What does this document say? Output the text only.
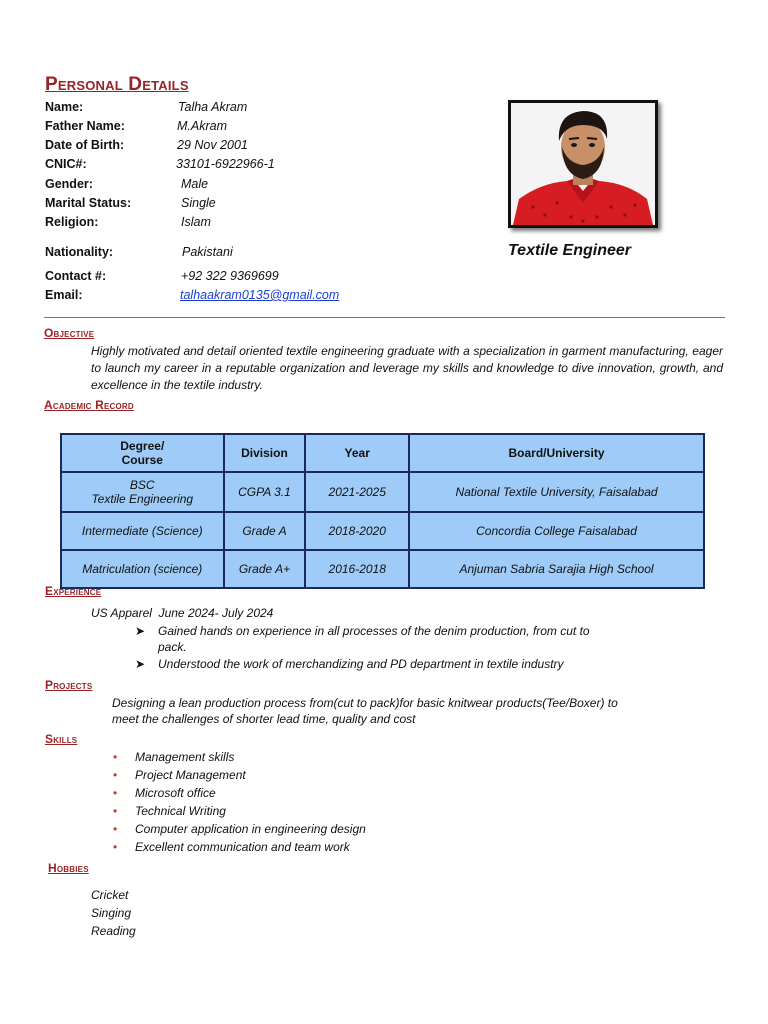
Personal Details
Name:	Talha Akram
Father Name:	M.Akram
Date of Birth:	29 Nov 2001
CNIC#:	33101-6922966-1
Gender:	Male
Marital Status:	Single
Religion:	Islam
Nationality:	Pakistani
Contact #:	+92 322 9369699
Email:	talhaakram0135@gmail.com
Textile Engineer
Objective
Highly motivated and detail oriented textile engineering graduate with a specialization in garment manufacturing, eager to launch my career in a reputable organization and leverage my skills and knowledge to dive innovation, growth, and excellence in the textile industry.
Academic Record
Degree/
Course	Division	Year	Board/University

BSC
Textile Engineering	CGPA 3.1	2021-2025	National Textile University, Faisalabad
Intermediate (Science)	Grade A	2018-2020	Concordia College Faisalabad
Matriculation (science)	Grade A+	2016-2018	Anjuman Sabria Sarajia High School
Experience
US Apparel  June 2024- July 2024
➤ Gained hands on experience in all processes of the denim production, from cut to
pack.
➤ Understood the work of merchandizing and PD department in textile industry
Projects
Designing a lean production process from(cut to pack)for basic knitwear products(Tee/Boxer) to
meet the challenges of shorter lead time, quality and cost
Skills
• Management skills
• Project Management
• Microsoft office
• Technical Writing
• Computer application in engineering design
• Excellent communication and team work
Hobbies
Cricket
Singing
Reading
